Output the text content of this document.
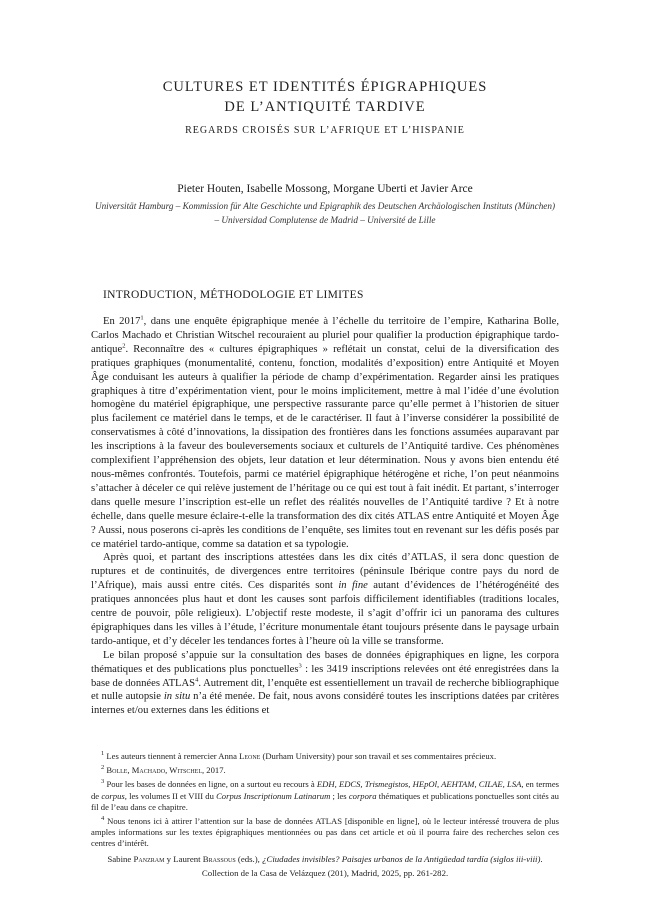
CULTURES ET IDENTITÉS ÉPIGRAPHIQUES
DE L’ANTIQUITÉ TARDIVE
REGARDS CROISÉS SUR L’AFRIQUE ET L’HISPANIE
Pieter Houten, Isabelle Mossong, Morgane Uberti et Javier Arce
Universität Hamburg – Kommission für Alte Geschichte und Epigraphik des Deutschen Archäologischen Instituts (München)
– Universidad Complutense de Madrid – Université de Lille
INTRODUCTION, MÉTHODOLOGIE ET LIMITES

En 2017$^1$, dans une enquête épigraphique menée à l’échelle du territoire de l’empire, Katharina Bolle, Carlos Machado et Christian Witschel recouraient au pluriel pour qualifier la production épigraphique tardo-antique$^2$. Reconnaître des « cultures épigraphiques » reflétait un constat, celui de la diversification des pratiques graphiques (monumentalité, contenu, fonction, modalités d’exposition) entre Antiquité et Moyen Âge conduisant les auteurs à qualifier la période de champ d’expérimentation. Regarder ainsi les pratiques graphiques à titre d’expérimentation vient, pour le moins implicitement, mettre à mal l’idée d’une évolution homogène du matériel épigraphique, une perspective rassurante parce qu’elle permet à l’historien de situer plus facilement ce matériel dans le temps, et de le caractériser. Il faut à l’inverse considérer la possibilité de conservatismes à côté d’innovations, la dissipation des frontières dans les fonctions assumées auparavant par les inscriptions à la faveur des bouleversements sociaux et culturels de l’Antiquité tardive. Ces phénomènes complexifient l’appréhension des objets, leur datation et leur détermination. Nous y avons bien entendu été nous-mêmes confrontés. Toutefois, parmi ce matériel épigraphique hétérogène et riche, l’on peut néanmoins s’attacher à déceler ce qui relève justement de l’héritage ou ce qui est tout à fait inédit. Et partant, s’interroger dans quelle mesure l’inscription est-elle un reflet des réalités nouvelles de l’Antiquité tardive ? Et à notre échelle, dans quelle mesure éclaire-t-elle la transformation des dix cités ATLAS entre Antiquité et Moyen Âge ? Aussi, nous poserons ci-après les conditions de l’enquête, ses limites tout en revenant sur les défis posés par ce matériel tardo-antique, comme sa datation et sa typologie.

Après quoi, et partant des inscriptions attestées dans les dix cités d’ATLAS, il sera donc question de ruptures et de continuités, de divergences entre territoires (péninsule Ibérique contre pays du nord de l’Afrique), mais aussi entre cités. Ces disparités sont in fine autant d’évidences de l’hétérogénéité des pratiques annoncées plus haut et dont les causes sont parfois difficilement identifiables (traditions locales, centre de pouvoir, pôle religieux). L’objectif reste modeste, il s’agit d’offrir ici un panorama des cultures épigraphiques dans les villes à l’étude, l’écriture monumentale étant toujours présente dans le paysage urbain tardo-antique, et d’y déceler les tendances fortes à l’heure où la ville se transforme.

Le bilan proposé s’appuie sur la consultation des bases de données épigraphiques en ligne, les corpora thématiques et des publications plus ponctuelles$^3$ : les 3419 inscriptions relevées ont été enregistrées dans la base de données ATLAS$^4$. Autrement dit, l’enquête est essentiellement un travail de recherche bibliographique et nulle autopsie in situ n’a été menée. De fait, nous avons considéré toutes les inscriptions datées par critères internes et/ou externes dans les éditions et

$^1$ Les auteurs tiennent à remercier Anna Leone (Durham University) pour son travail et ses commentaires précieux.

$^2$ Bolle, Machado, Witschel, 2017.

$^3$ Pour les bases de données en ligne, on a surtout eu recours à EDH, EDCS, Trismegistos, HEpOl, AEHTAM, CILAE, LSA, en termes de corpus, les volumes II et VIII du Corpus Inscriptionum Latinarum ; les corpora thématiques et publications ponctuelles sont cités au fil de l’eau dans ce chapitre.

$^4$ Nous tenons ici à attirer l’attention sur la base de données ATLAS [disponible en ligne], où le lecteur intéressé trouvera de plus amples informations sur les textes épigraphiques mentionnées ou pas dans cet article et où il pourra faire des recherches selon ces centres d’intérêt.

Sabine Panzram y Laurent Brassous (eds.), ¿Ciudades invisibles? Paisajes urbanos de la Antigüedad tardía (siglos iii-viii).
Collection de la Casa de Velázquez (201), Madrid, 2025, pp. 261-282.
